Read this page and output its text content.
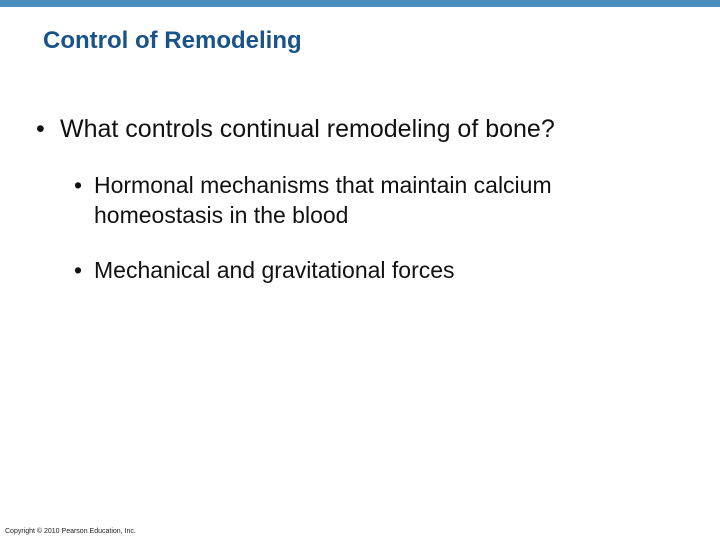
Control of Remodeling
• What controls continual remodeling of bone?
• Hormonal mechanisms that maintain calcium
homeostasis in the blood
• Mechanical and gravitational forces
Copyright © 2010 Pearson Education, Inc.
